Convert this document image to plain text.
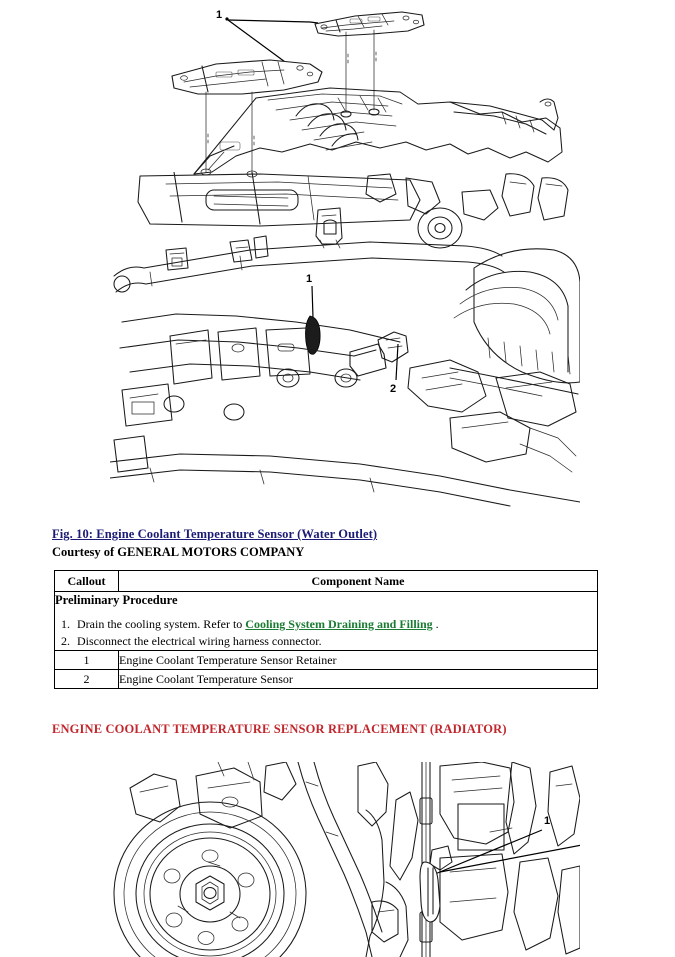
1
1
2
Fig. 10: Engine Coolant Temperature Sensor (Water Outlet)
Courtesy of GENERAL MOTORS COMPANY
Callout	Component Name

Preliminary Procedure
1. Drain the cooling system. Refer to Cooling System Draining and Filling .
2. Disconnect the electrical wiring harness connector.

1	Engine Coolant Temperature Sensor Retainer
2	Engine Coolant Temperature Sensor
ENGINE COOLANT TEMPERATURE SENSOR REPLACEMENT (RADIATOR)
1
